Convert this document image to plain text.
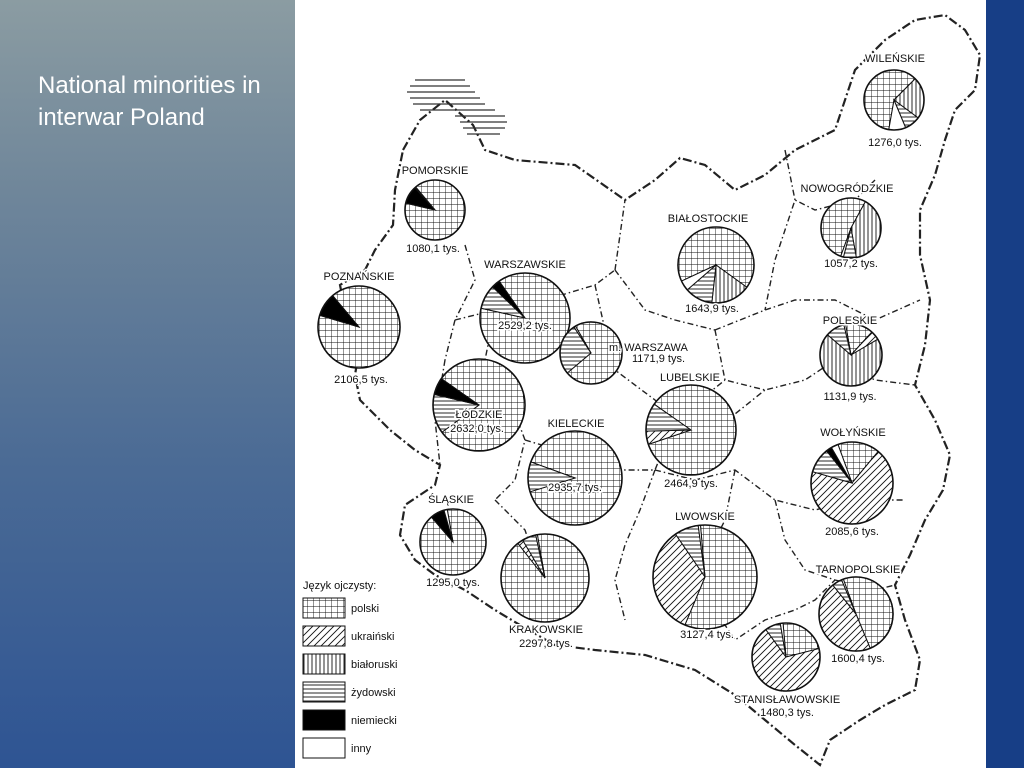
National minorities in interwar Poland
WILEŃSKIE
1276,0 tys.
POMORSKIE
1080,1 tys.
NOWOGRÓDZKIE
1057,2 tys.
BIAŁOSTOCKIE
1643,9 tys.
POZNAŃSKIE
2106,5 tys.
WARSZAWSKIE
2529,2 tys.
m. WARSZAWA
1171,9 tys.
POLESKIE
1131,9 tys.
ŁÓDZKIE
2632,0 tys.
LUBELSKIE
2464,9 tys.
KIELECKIE
2935,7 tys.
WOŁYŃSKIE
2085,6 tys.
ŚLĄSKIE
1295,0 tys.
LWOWSKIE
3127,4 tys.
TARNOPOLSKIE
1600,4 tys.
KRAKOWSKIE
2297,8 tys.
STANISŁAWOWSKIE
1480,3 tys.
Język ojczysty:
polski
ukraiński
białoruski
żydowski
niemiecki
inny
